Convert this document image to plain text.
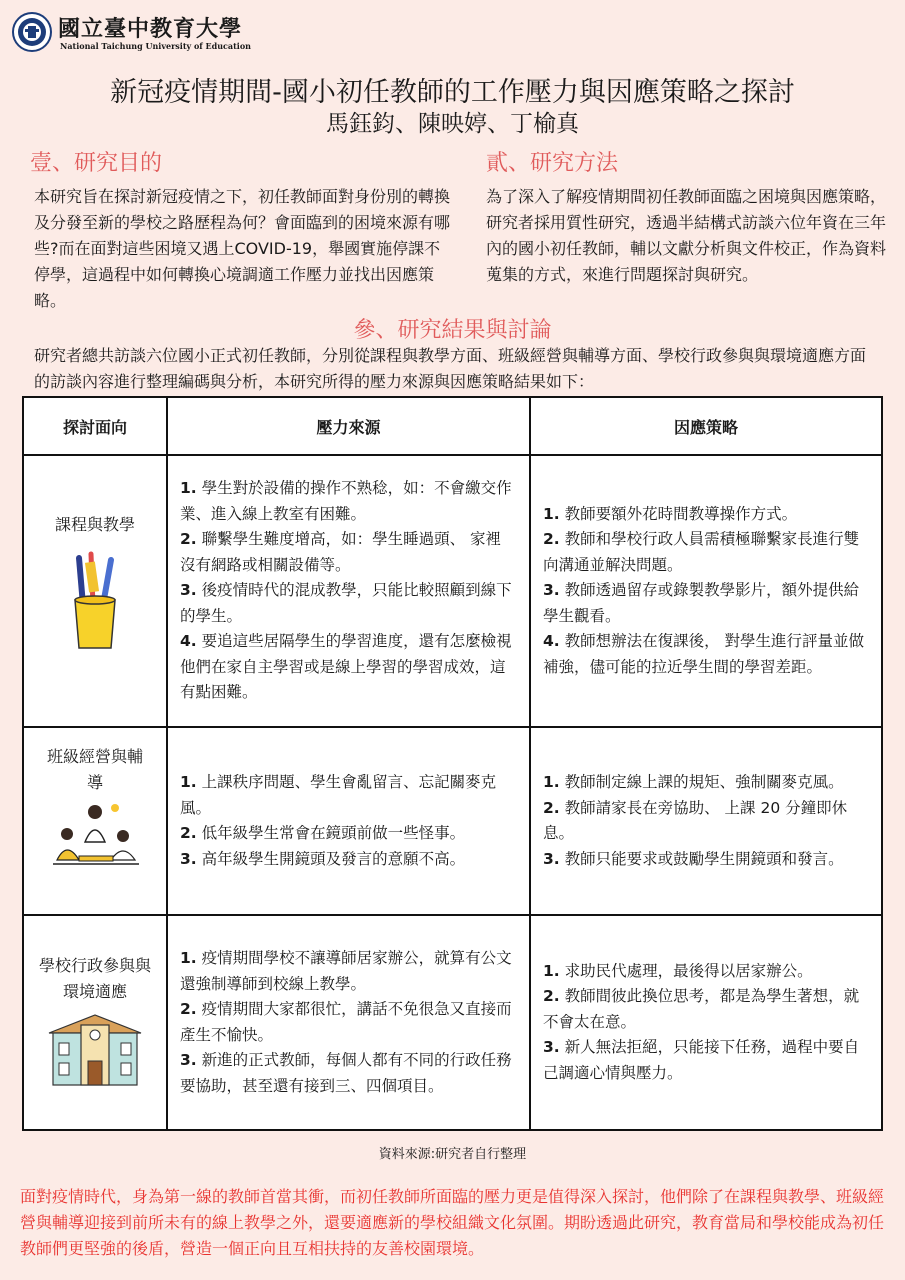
國立臺中教育大學
National Taichung University of Education
新冠疫情期間-國小初任教師的工作壓力與因應策略之探討
馬鈺鈞、陳映婷、丁榆真
壹、研究目的
本研究旨在探討新冠疫情之下，初任教師面對身份別的轉換及分發至新的學校之路歷程為何？會面臨到的困境來源有哪些?而在面對這些困境又遇上COVID-19，舉國實施停課不停學，這過程中如何轉換心境調適工作壓力並找出因應策略。
貳、研究方法
為了深入了解疫情期間初任教師面臨之困境與因應策略，研究者採用質性研究，透過半結構式訪談六位年資在三年內的國小初任教師，輔以文獻分析與文件校正，作為資料蒐集的方式，來進行問題探討與研究。
參、研究結果與討論
研究者總共訪談六位國小正式初任教師，分別從課程與教學方面、班級經營與輔導方面、學校行政參與與環境適應方面的訪談內容進行整理編碼與分析，本研究所得的壓力來源與因應策略結果如下：
探討面向	壓力來源	因應策略

課程與教學	1. 學生對於設備的操作不熟稔，如：不會繳交作業、進入線上教室有困難。
2. 聯繫學生難度增高，如：學生睡過頭、 家裡沒有網路或相關設備等。
3. 後疫情時代的混成教學，只能比較照顧到線下的學生。
4. 要追這些居隔學生的學習進度，還有怎麼檢視他們在家自主學習或是線上學習的學習成效，這有點困難。	1. 教師要額外花時間教導操作方式。
2. 教師和學校行政人員需積極聯繫家長進行雙向溝通並解決問題。
3. 教師透過留存或錄製教學影片，額外提供給學生觀看。
4. 教師想辦法在復課後， 對學生進行評量並做補強，儘可能的拉近學生間的學習差距。

班級經營與輔導	1. 上課秩序問題、學生會亂留言、忘記關麥克風。
2. 低年級學生常會在鏡頭前做一些怪事。
3. 高年級學生開鏡頭及發言的意願不高。	1. 教師制定線上課的規矩、強制關麥克風。
2. 教師請家長在旁協助、 上課 20 分鐘即休息。
3. 教師只能要求或鼓勵學生開鏡頭和發言。

學校行政參與與環境適應	1. 疫情期間學校不讓導師居家辦公，就算有公文還強制導師到校線上教學。
2. 疫情期間大家都很忙，講話不免很急又直接而產生不愉快。
3. 新進的正式教師，每個人都有不同的行政任務要協助，甚至還有接到三、四個項目。	1. 求助民代處理，最後得以居家辦公。
2. 教師間彼此換位思考，都是為學生著想，就不會太在意。
3. 新人無法拒絕，只能接下任務，過程中要自己調適心情與壓力。
資料來源:研究者自行整理
面對疫情時代，身為第一線的教師首當其衝，而初任教師所面臨的壓力更是值得深入探討，他們除了在課程與教學、班級經營與輔導迎接到前所未有的線上教學之外，還要適應新的學校組織文化氛圍。期盼透過此研究，教育當局和學校能成為初任教師們更堅強的後盾，營造一個正向且互相扶持的友善校園環境。
